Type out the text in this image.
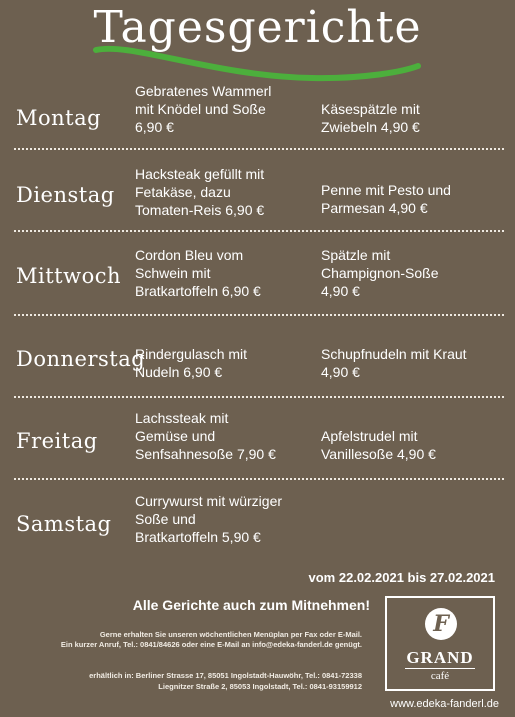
Tagesgerichte
Montag
Gebratenes Wammerl
mit Knödel und Soße
6,90 €
Käsespätzle mit
Zwiebeln 4,90 €
Dienstag
Hacksteak gefüllt mit
Fetakäse, dazu
Tomaten-Reis 6,90 €
Penne mit Pesto und
Parmesan 4,90 €
Mittwoch
Cordon Bleu vom
Schwein mit
Bratkartoffeln 6,90 €
Spätzle mit
Champignon-Soße
4,90 €
Donnerstag
Rindergulasch mit
Nudeln 6,90 €
Schupfnudeln mit Kraut
4,90 €
Freitag
Lachssteak mit
Gemüse und
Senfsahnesoße 7,90 €
Apfelstrudel mit
Vanillesoße 4,90 €
Samstag
Currywurst mit würziger
Soße und
Bratkartoffeln 5,90 €
vom 22.02.2021 bis 27.02.2021
Alle Gerichte auch zum Mitnehmen!
Gerne erhalten Sie unseren wöchentlichen Menüplan per Fax oder E-Mail.
Ein kurzer Anruf, Tel.: 0841/84626 oder eine E-Mail an info@edeka-fanderl.de genügt.
erhältlich in: Berliner Strasse 17, 85051 Ingolstadt-Hauwöhr, Tel.: 0841-72338
Liegnitzer Straße 2, 85053 Ingolstadt, Tel.: 0841-93159912
F
GRAND
café
www.edeka-fanderl.de
